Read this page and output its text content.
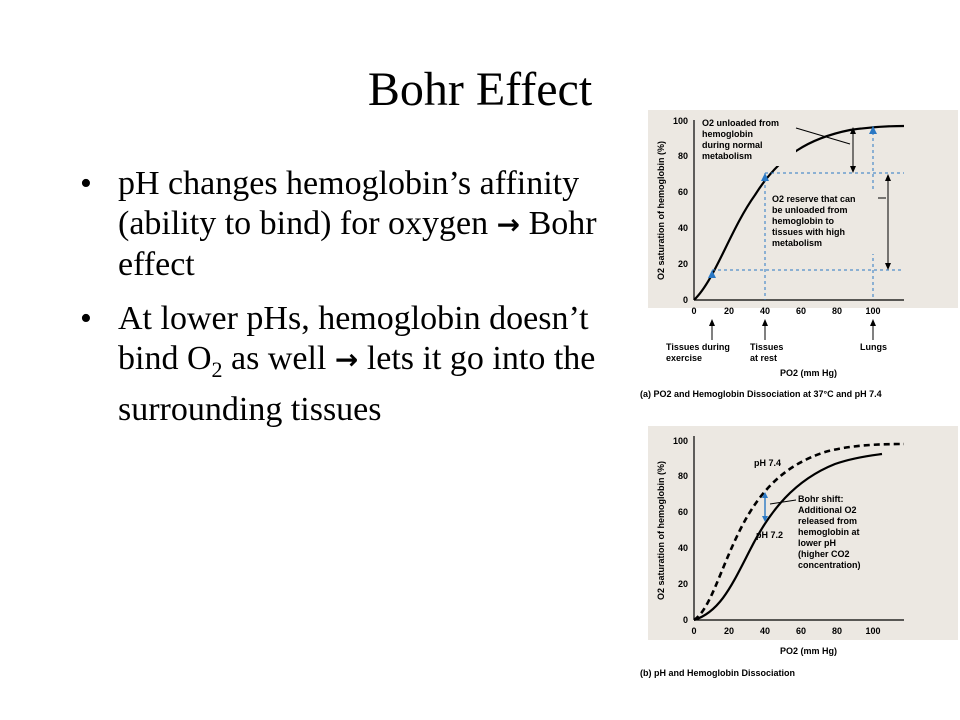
Bohr Effect
• pH changes hemoglobin’s affinity (ability to bind) for oxygen → Bohr effect
• At lower pHs, hemoglobin doesn’t bind $O_2$ as well → lets it go into the surrounding tissues
0
20
40
60
80
100
0	20	40	60	80	100
O2 saturation of hemoglobin (%)
O2 unloaded from
hemoglobin
during normal
metabolism
O2 reserve that can
be unloaded from
hemoglobin to
tissues with high
metabolism
Tissues during
exercise
Tissues
at rest
Lungs
PO2 (mm Hg)
(a) PO2 and Hemoglobin Dissociation at 37°C and pH 7.4
0
20
40
60
80
100
0	20	40	60	80	100
O2 saturation of hemoglobin (%)	pH 7.4
pH 7.2
Bohr shift:
Additional O2
released from
hemoglobin at
lower pH
(higher CO2
concentration)
PO2 (mm Hg)
(b) pH and Hemoglobin Dissociation
